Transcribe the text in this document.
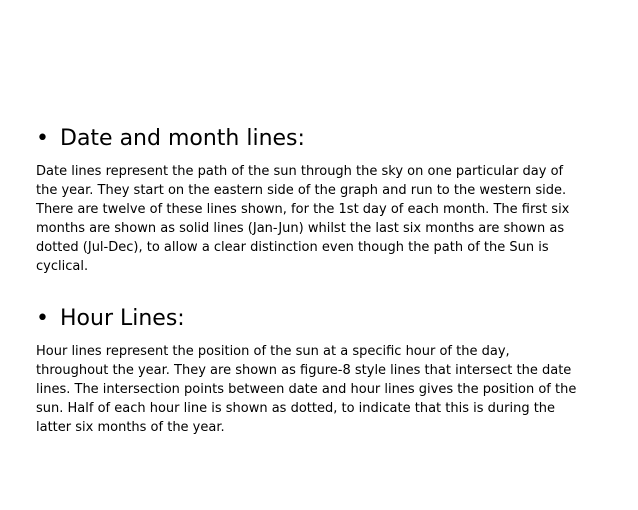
• Date and month lines:

Date lines represent the path of the sun through the sky on one particular day of
the year. They start on the eastern side of the graph and run to the western side.
There are twelve of these lines shown, for the 1st day of each month. The first six
months are shown as solid lines (Jan-Jun) whilst the last six months are shown as
dotted (Jul-Dec), to allow a clear distinction even though the path of the Sun is
cyclical.

• Hour Lines:

Hour lines represent the position of the sun at a specific hour of the day,
throughout the year. They are shown as figure-8 style lines that intersect the date
lines. The intersection points between date and hour lines gives the position of the
sun. Half of each hour line is shown as dotted, to indicate that this is during the
latter six months of the year.
